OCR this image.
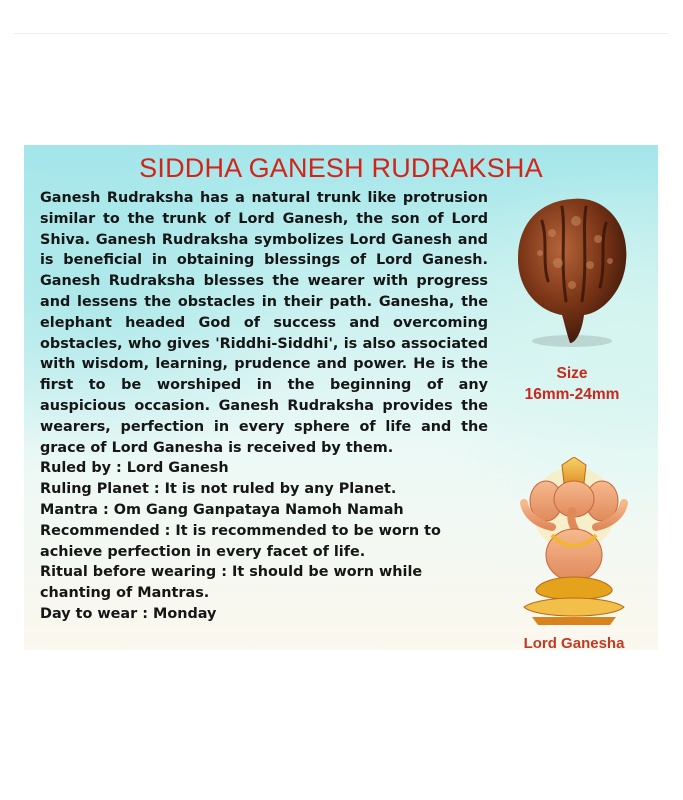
SIDDHA GANESH RUDRAKSHA

Ganesh Rudraksha has a natural trunk like protrusion similar to the trunk of Lord Ganesh, the son of Lord Shiva. Ganesh Rudraksha symbolizes Lord Ganesh and is beneficial in obtaining blessings of Lord Ganesh. Ganesh Rudraksha blesses the wearer with progress and lessens the obstacles in their path. Ganesha, the elephant headed God of success and overcoming obstacles, who gives 'Riddhi-Siddhi', is also associated with wisdom, learning, prudence and power. He is the first to be worshiped in the beginning of any auspicious occasion. Ganesh Rudraksha provides the wearers, perfection in every sphere of life and the grace of Lord Ganesha is received by them.

Ruled by : Lord Ganesh

Ruling Planet : It is not ruled by any Planet.

Mantra : Om Gang Ganpataya Namoh Namah

Recommended : It is recommended to be worn to

achieve perfection in every facet of life.

Ritual before wearing : It should be worn while

chanting of Mantras.

Day to wear : Monday

Size
16mm-24mm
Lord Ganesha
